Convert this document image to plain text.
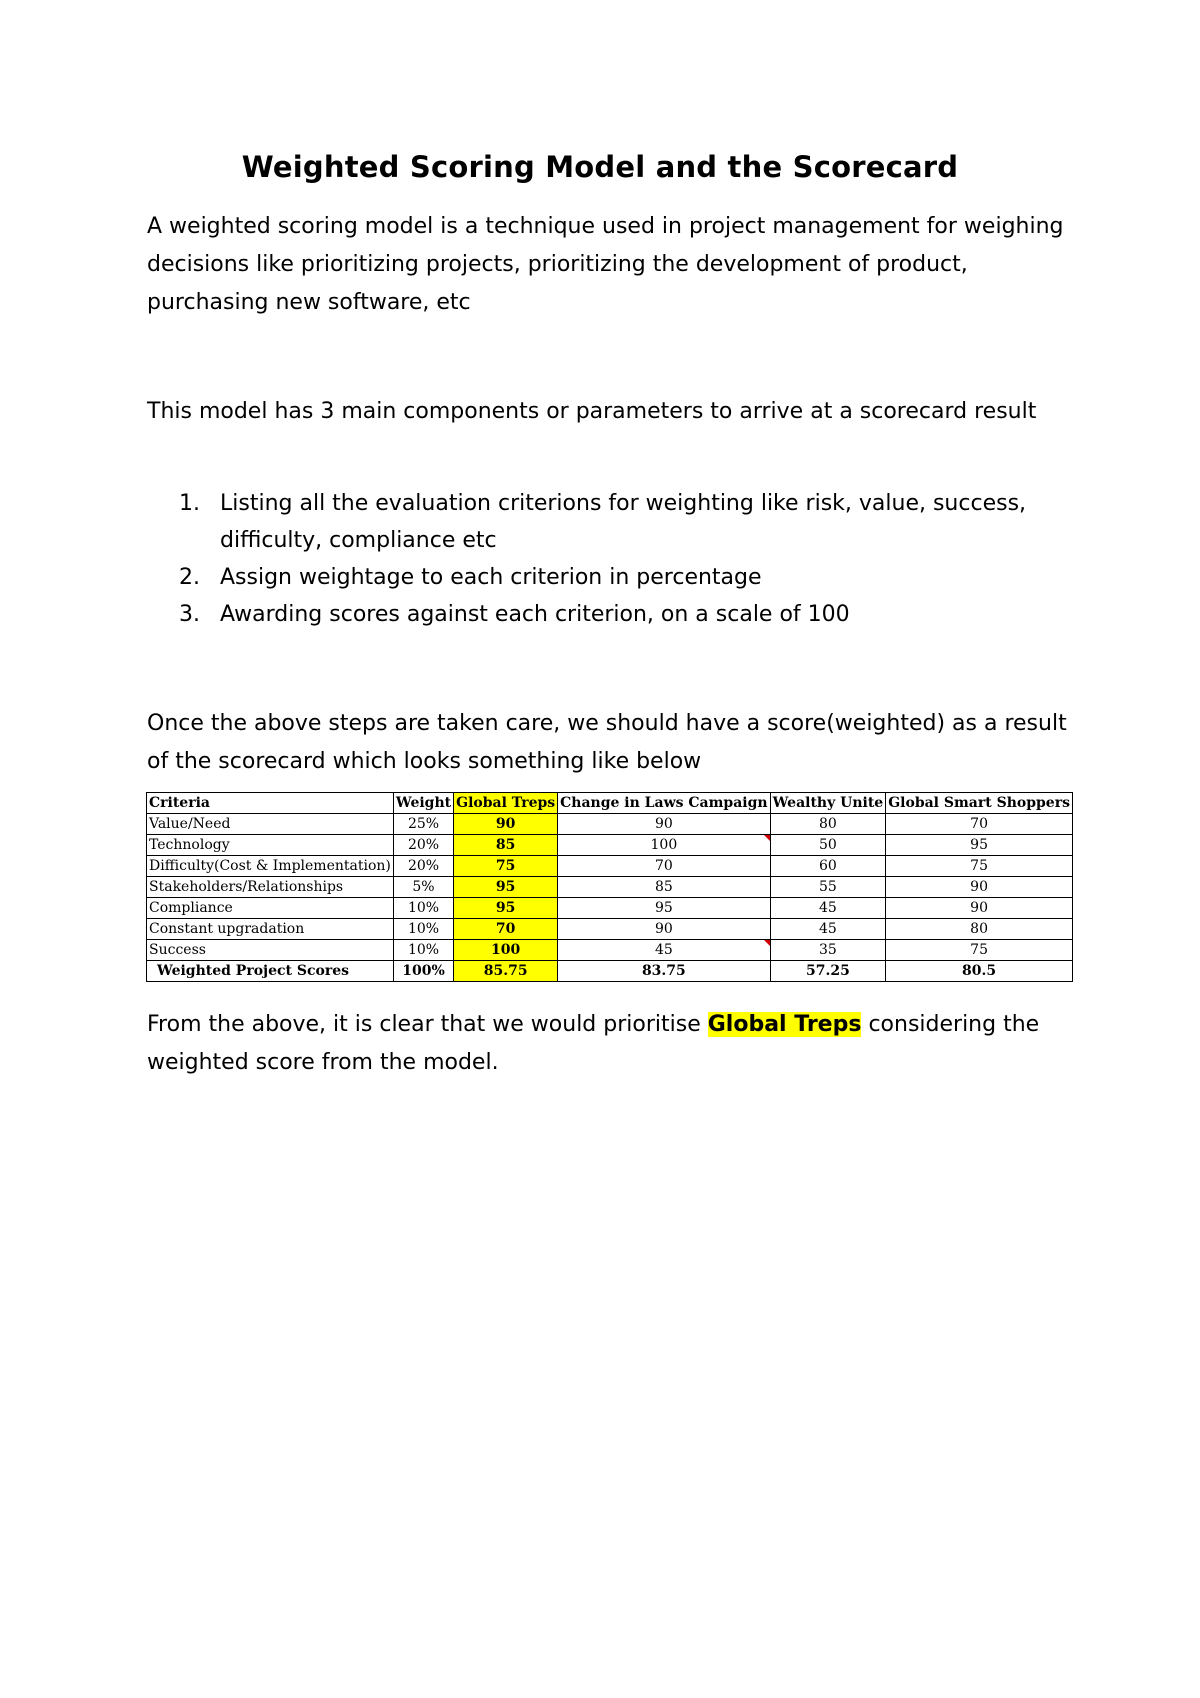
Weighted Scoring Model and the Scorecard
A weighted scoring model is a technique used in project management for weighing decisions like prioritizing projects, prioritizing the development of product, purchasing new software, etc
This model has 3 main components or parameters to arrive at a scorecard result
1. Listing all the evaluation criterions for weighting like risk, value, success, difficulty, compliance etc
2. Assign weightage to each criterion in percentage
3. Awarding scores against each criterion, on a scale of 100
Once the above steps are taken care, we should have a score(weighted) as a result of the scorecard which looks something like below
Criteria	Weight	Global Treps	Change in Laws Campaign	Wealthy Unite	Global Smart Shoppers
Value/Need	25%	90	90	80	70
Technology	20%	85	100	50	95
Difficulty(Cost & Implementation)	20%	75	70	60	75
Stakeholders/Relationships	5%	95	85	55	90
Compliance	10%	95	95	45	90
Constant upgradation	10%	70	90	45	80
Success	10%	100	45	35	75
Weighted Project Scores	100%	85.75	83.75	57.25	80.5
From the above, it is clear that we would prioritise Global Treps considering the weighted score from the model.
